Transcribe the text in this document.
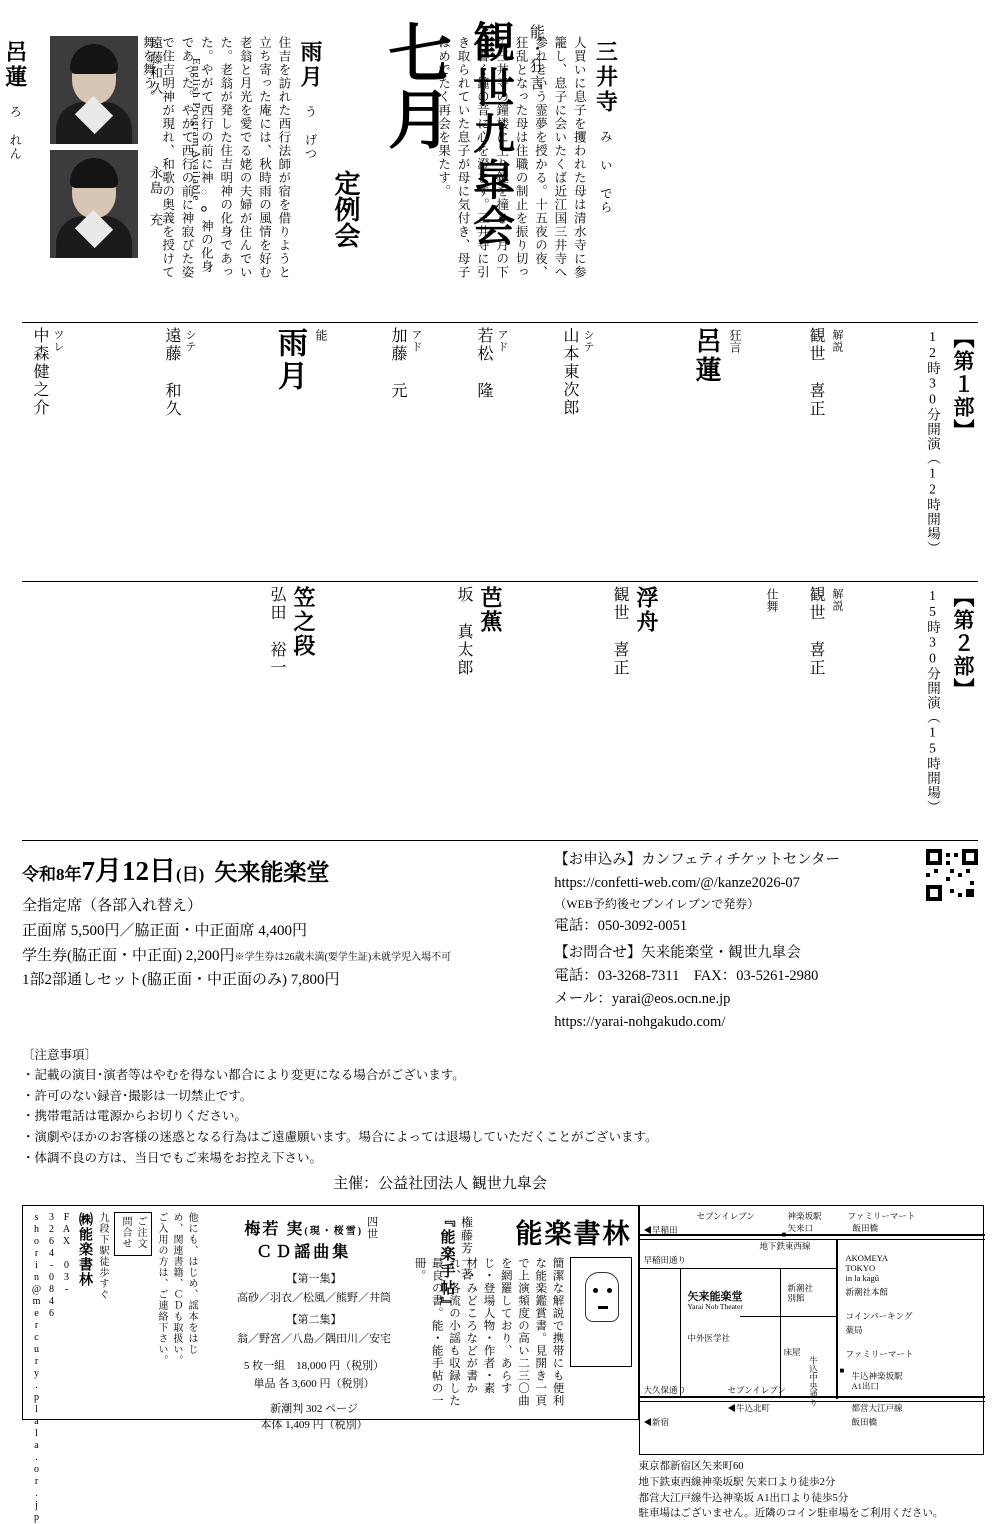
定例会
七月 観世九皐会	能・狂言
呂蓮 ろ れん	住吉を訪れた西行法師が宿を借りようと立ち寄った庵には、秋時雨の風情を好む老翁と月光を愛でる姥の夫婦が住んでいた。老翁が発した住吉明神の化身であった。やがて西行の前に神ం神の化身であった。やがて西行の前に神寂びた姿で住吉明神が現れ、和歌の奥義を授けて舞を舞う。	雨月 う げつ	人買いに息子を攫われた母は清水寺に参籠し、息子に会いたくば近江国三井寺へ参れという霊夢を授かる。十五夜の夜、狂乱となった母は住職の制止を振り切って三井寺の鐘楼に上り鐘を撞き、月の下に響く鐘の音に心を澄ます。三井寺に引き取られていた息子が母に気付き、母子はめでたく再会を果たす。	三井寺 み い でら
English Program Available
遠藤和久
永島 充
中森健之介 ツレ	遠藤 和久 シテ	雨月 能	加藤 元 アド	若松 隆 アド	山本東次郎 シテ	呂蓮 狂言	観世 喜正 解説	12時30分開演（12時開場） 【第１部】
弘田 裕一 笠之段	坂 真太郎 芭蕉	観世 喜正 浮舟	仕舞 観世 喜正 解説	15時30分開演（15時開場） 【第２部】
令和8年7月12日(日) 矢来能楽堂
全指定席（各部入れ替え）
正面席 5,500円／脇正面・中正面席 4,400円
学生券(脇正面・中正面) 2,200円※学生券は26歳未満(要学生証)未就学児入場不可
1部2部通しセット(脇正面・中正面のみ) 7,800円
【お申込み】カンフェティチケットセンター
https://confetti-web.com/@/kanze2026-07
（WEB予約後セブンイレブンで発券）
電話：050-3092-0051
【お問合せ】矢来能楽堂・観世九皐会
電話：03-3268-7311　FAX：03-5261-2980
メール：yarai@eos.ocn.ne.jp
https://yarai-nohgakudo.com/
〔注意事項〕
・記載の演目･演者等はやむを得ない都合により変更になる場合がございます。
・許可のない録音･撮影は一切禁止です。
・携帯電話は電源からお切りください。
・演劇やほかのお客様の迷惑となる行為はご遠慮願います。場合によっては退場していただくことがございます。
・体調不良の方は、当日でもご来場をお控え下さい。
主催：公益社団法人 観世九皐会
能楽書林
簡潔な解説で携帯にも便利な能楽鑑賞書。見開き一頁で上演頻度の高い二三〇曲を網羅しており、あらすじ･登場人物･作者･素材･みどころなどが書かれ、各流の小謡も収録した最良の書。能･能手帖の一冊。 『能楽手帖』 権藤芳一著
梅若 実(現・桜雪)
ＣＤ謡曲集
四世
【第一集】
高砂／羽衣／松風／熊野／井筒
【第二集】
翁／野宮／八島／隅田川／安宅
5 枚一組　18,000 円（税別）
単品 各 3,600 円（税別）
新潮判 302 ページ
本体 1,409 円（税別）
shorin@mercury.plala.or.jp	FAX 03-3264-0846	㈱能楽書林 九段下駅徒歩すぐ	ご注文 問合せ	他にも、はじめ、謡本をはじめ、関連書籍、ＣＤも取扱い。ご入用の方は、ご連絡下さい。	■
■
セブンイレブン	神楽坂駅	ファミリーマート
◀早稲田	矢来口	飯田橋
地下鉄東西線
早稲田通り	AKOMEYA
TOKYO
in la kagū
新潮社
別館
新潮社本館
矢来能楽堂
Yarai Noh Theater
コインパーキング
薬局
中外医学社
床屋	ファミリーマート
牛込中央通り	牛込神楽坂駅
A1出口
大久保通り	セブンイレブン
◀牛込北町	都営大江戸線
◀新宿	飯田橋
東京都新宿区矢来町60
地下鉄東西線神楽坂駅 矢来口より徒歩2分
都営大江戸線牛込神楽坂 A1出口より徒歩5分
駐車場はございません。近隣のコイン駐車場をご利用ください。
